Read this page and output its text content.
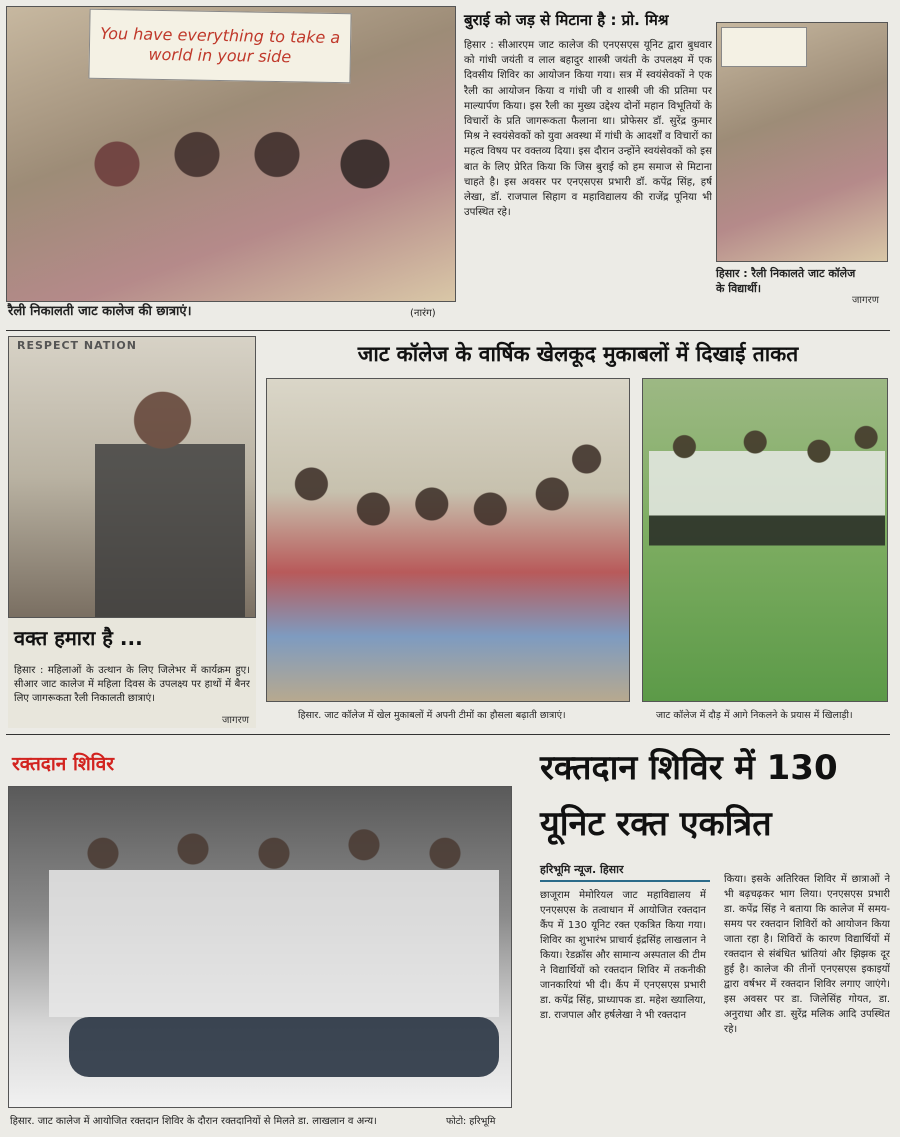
You have everything to take a world in your side
रैली निकालती जाट कालेज की छात्राएं।	(नारंग)
बुराई को जड़ से मिटाना है : प्रो. मिश्र
हिसार : सीआरएम जाट कालेज की एनएसएस यूनिट द्वारा बुधवार को गांधी जयंती व लाल बहादुर शास्त्री जयंती के उपलक्ष्य में एक दिवसीय शिविर का आयोजन किया गया। सत्र में स्वयंसेवकों ने एक रैली का आयोजन किया व गांधी जी व शास्त्री जी की प्रतिमा पर माल्यार्पण किया। इस रैली का मुख्य उद्देश्य दोनों महान विभूतियों के विचारों के प्रति जागरूकता फैलाना था। प्रोफेसर डॉ. सुरेंद्र कुमार मिश्र ने स्वयंसेवकों को युवा अवस्था में गांधी के आदर्शों व विचारों का महत्व विषय पर वक्तव्य दिया। इस दौरान उन्होंने स्वयंसेवकों को इस बात के लिए प्रेरित किया कि जिस बुराई को हम समाज से मिटाना चाहते है। इस अवसर पर एनएसएस प्रभारी डॉ. कपेंद्र सिंह, हर्ष लेखा, डॉ. राजपाल सिहाग व महाविद्यालय की राजेंद्र पूनिया भी उपस्थित रहे।
हिसार : रैली निकालते जाट कॉलेज के विद्यार्थी।
जागरण
RESPECT NATION
वक्त हमारा है ...
हिसार : महिलाओं के उत्थान के लिए जिलेभर में कार्यक्रम हुए। सीआर जाट कालेज में महिला दिवस के उपलक्ष्य पर हाथों में बैनर लिए जागरूकता रैली निकालती छात्राएं।
जागरण
जाट कॉलेज के वार्षिक खेलकूद मुकाबलों में दिखाई ताकत
हिसार. जाट कॉलेज में खेल मुकाबलों में अपनी टीमों का हौसला बढ़ाती छात्राएं।	जाट कॉलेज में दौड़ में आगे निकलने के प्रयास में खिलाड़ी।
रक्तदान शिविर
हिसार. जाट कालेज में आयोजित रक्तदान शिविर के दौरान रक्तदानियों से मिलते डा. लाखलान व अन्य।	फोटो: हरिभूमि
रक्तदान शिविर में 130
यूनिट रक्त एकत्रित
हरिभूमि न्यूज. हिसार
छाजूराम मेमोरियल जाट महाविद्यालय में एनएसएस के तत्वाधान में आयोजित रक्तदान कैंप में 130 यूनिट रक्त एकत्रित किया गया। शिविर का शुभारंभ प्राचार्य इंद्रसिंह लाखलान ने किया। रेडक्रॉस और सामान्य अस्पताल की टीम ने विद्यार्थियों को रक्तदान शिविर में तकनीकी जानकारियां भी दी। कैंप में एनएसएस प्रभारी डा. कपेंद्र सिंह, प्राध्यापक डा. महेश ख्यालिया, डा. राजपाल और हर्षलेखा ने भी रक्तदान
किया। इसके अतिरिक्त शिविर में छात्राओं ने भी बढ़चढ़कर भाग लिया। एनएसएस प्रभारी डा. कपेंद्र सिंह ने बताया कि कालेज में समय-समय पर रक्तदान शिविरों को आयोजन किया जाता रहा है। शिविरों के कारण विद्यार्थियों में रक्तदान से संबंधित भ्रांतियां और झिझक दूर हुई है। कालेज की तीनों एनएसएस इकाइयों द्वारा वर्षभर में रक्तदान शिविर लगाए जाएंगे। इस अवसर पर डा. जिलेसिंह गोयत, डा. अनुराधा और डा. सुरेंद्र मलिक आदि उपस्थित रहे।
